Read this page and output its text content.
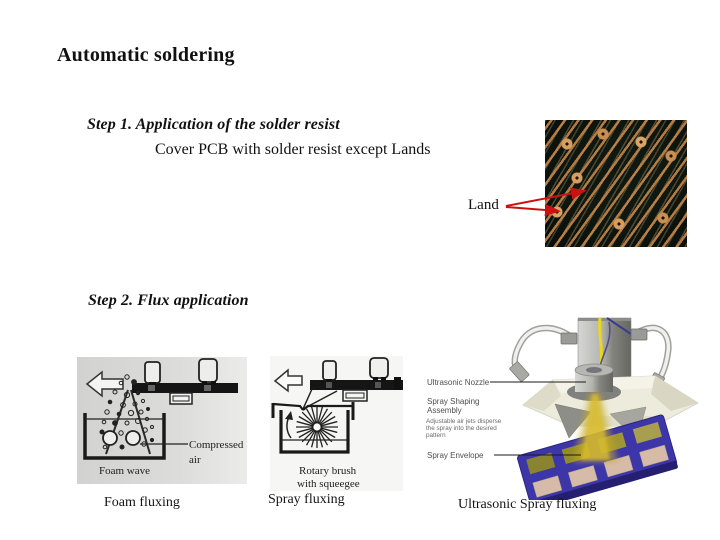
Automatic soldering
Step 1. Application of the solder resist
Cover PCB with solder resist except Lands
Land
Step 2. Flux application
Compressed
air
Foam wave	Rotary brush
with squeegee
Ultrasonic Nozzle
Spray Shaping
Assembly
Adjustable air jets disperse
the spray into the desired
pattern
Spray Envelope
Foam fluxing	Spray fluxing	Ultrasonic Spray fluxing
